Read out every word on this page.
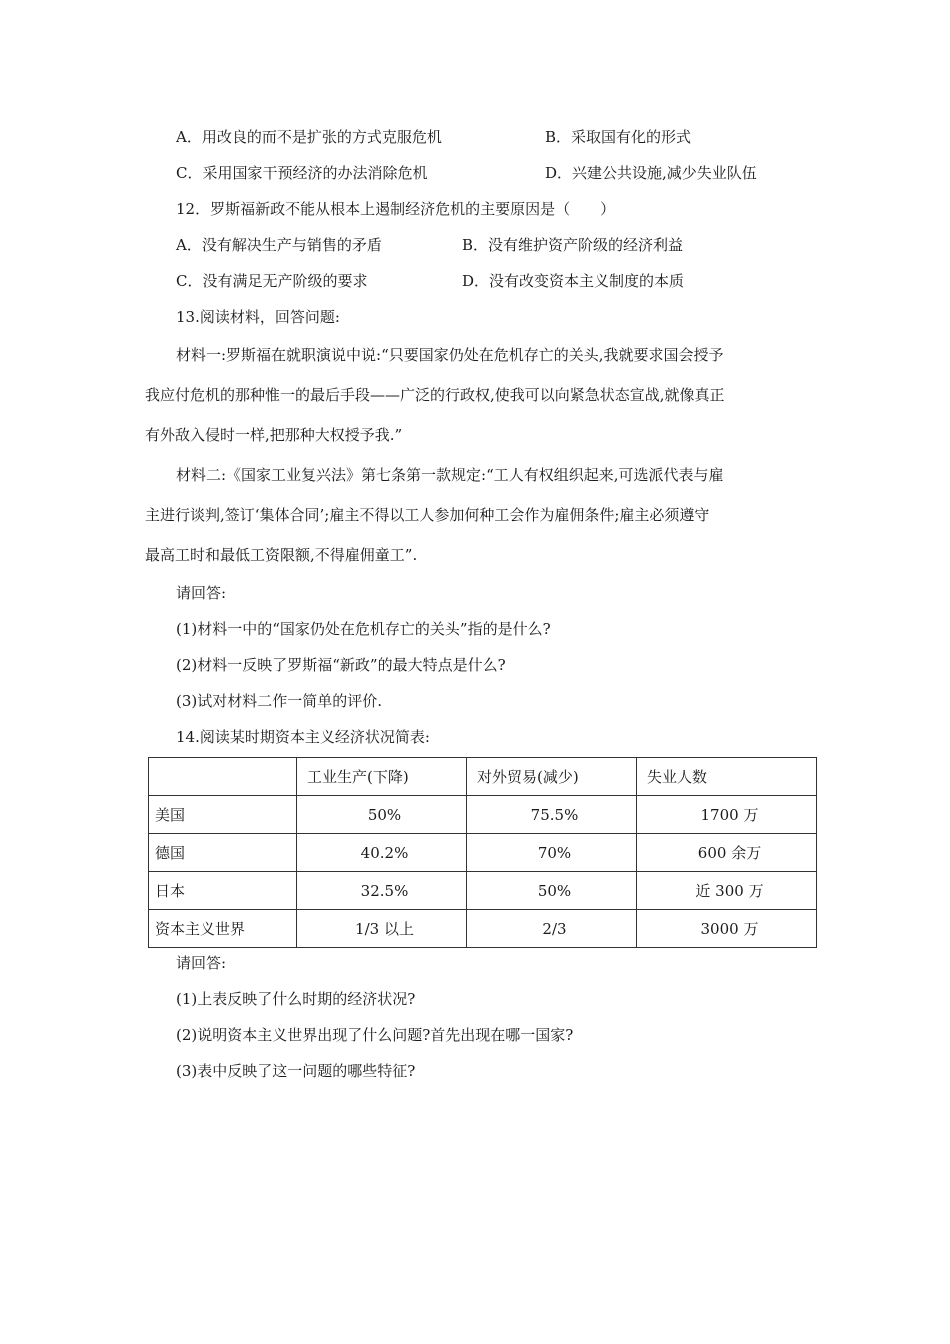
A．用改良的而不是扩张的方式克服危机	B．采取国有化的形式
C．采用国家干预经济的办法消除危机	D．兴建公共设施,减少失业队伍
12．罗斯福新政不能从根本上遏制经济危机的主要原因是（　　）
A．没有解决生产与销售的矛盾	B．没有维护资产阶级的经济利益
C．没有满足无产阶级的要求	D．没有改变资本主义制度的本质
13.阅读材料，回答问题:
材料一:罗斯福在就职演说中说:“只要国家仍处在危机存亡的关头,我就要求国会授予
我应付危机的那种惟一的最后手段——广泛的行政权,使我可以向紧急状态宣战,就像真正
有外敌入侵时一样,把那种大权授予我.”
材料二:《国家工业复兴法》第七条第一款规定:“工人有权组织起来,可选派代表与雇
主进行谈判,签订‘集体合同’;雇主不得以工人参加何种工会作为雇佣条件;雇主必须遵守
最高工时和最低工资限额,不得雇佣童工”.
请回答:
(1)材料一中的“国家仍处在危机存亡的关头”指的是什么?
(2)材料一反映了罗斯福“新政”的最大特点是什么?
(3)试对材料二作一简单的评价.
14.阅读某时期资本主义经济状况简表:
	工业生产(下降)	对外贸易(减少)	失业人数
美国	50%	75.5%	1700 万
德国	40.2%	70%	600 余万
日本	32.5%	50%	近 300 万
资本主义世界	1/3 以上	2/3	3000 万
请回答:
(1)上表反映了什么时期的经济状况?
(2)说明资本主义世界出现了什么问题?首先出现在哪一国家?
(3)表中反映了这一问题的哪些特征?
